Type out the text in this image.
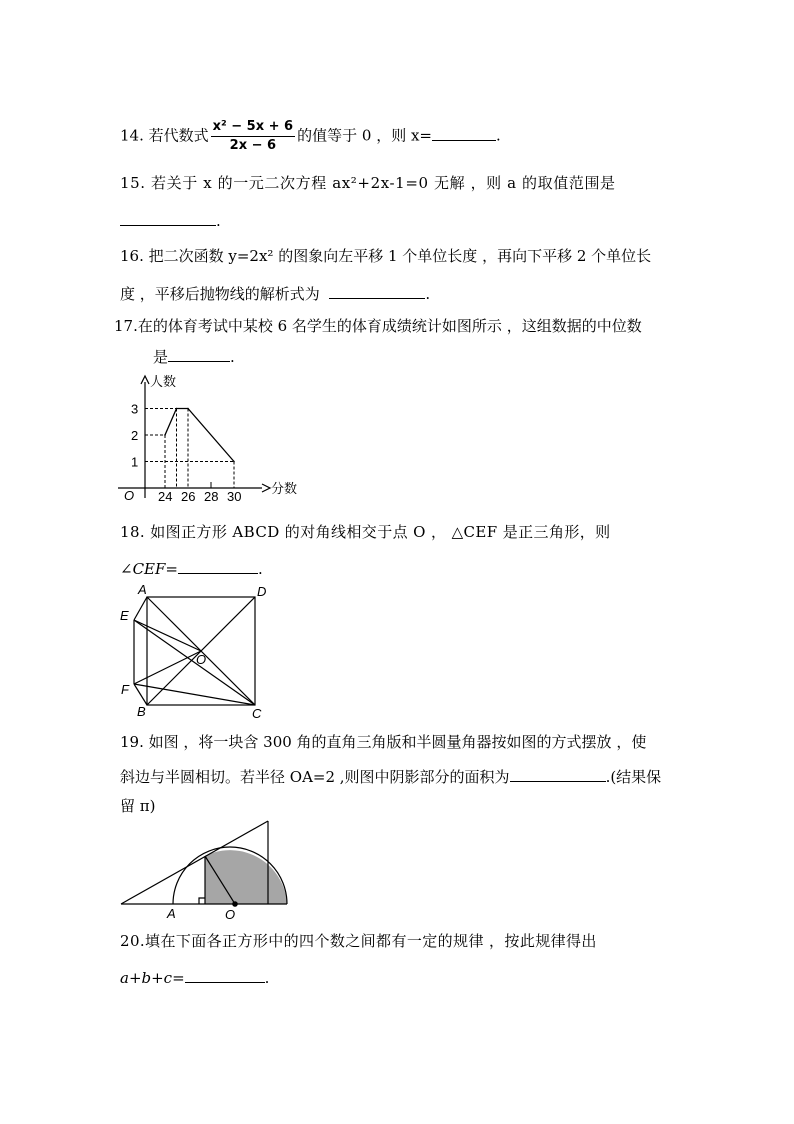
14. 若代数式 $\frac{\text{x² − 5x + 6}}{2x - 6}$ 的值等于 0 ，则 x=	.
15. 若关于 x 的一元二次方程 ax²+2x-1=0 无解 ，则 a 的取值范围是
.
16. 把二次函数 y=2x² 的图象向左平移 1 个单位长度 ，再向下平移 2 个单位长
度 ，平移后抛物线的解析式为	.
17.在的体育考试中某校 6 名学生的体育成绩统计如图所示 ，这组数据的中位数
是	.
人数
分数
O 24 26 28 30
1
2
3
18. 如图正方形 ABCD 的对角线相交于点 O ， △CEF 是正三角形，则
∠CEF=	.
A	D
E
O
F
B	C
19. 如图 ，将一块含 300 角的直角三角版和半圆量角器按如图的方式摆放 ，使
斜边与半圆相切。若半径 OA=2 ,则图中阴影部分的面积为	.(结果保
留 π)
A	O
20.填在下面各正方形中的四个数之间都有一定的规律 ，按此规律得出
a+b+c=	.
